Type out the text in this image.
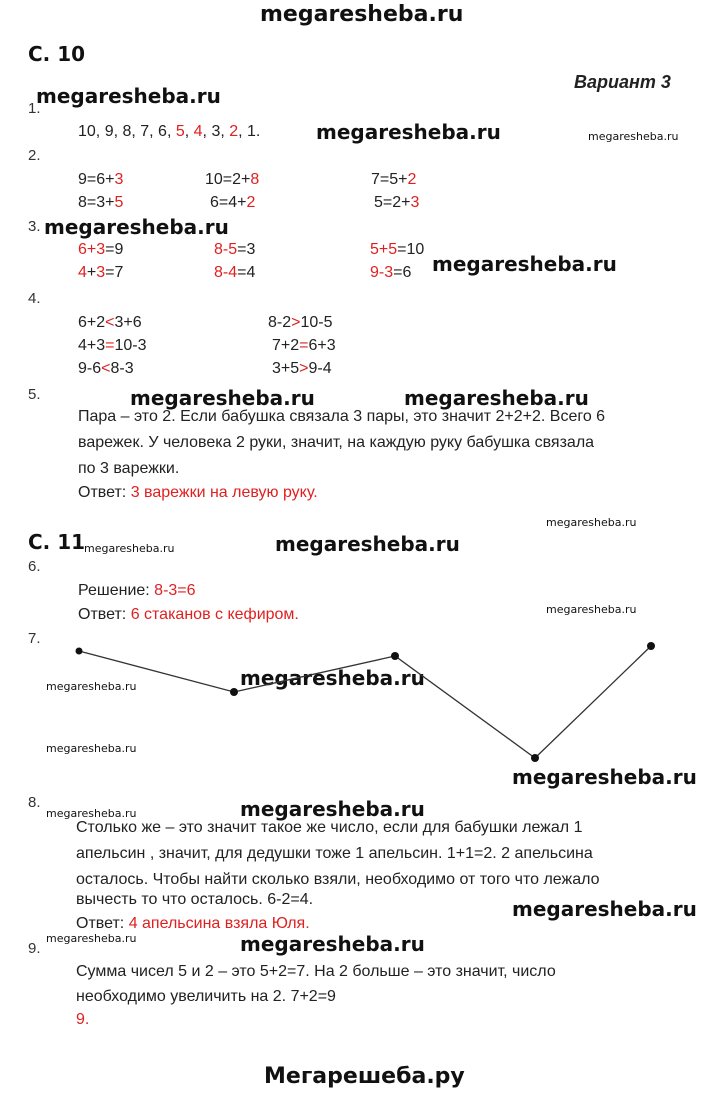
megaresheba.ru
С. 10
Вариант 3
megaresheba.ru
megaresheba.ru	megaresheba.ru
megaresheba.ru
megaresheba.ru
megaresheba.ru	megaresheba.ru
megaresheba.ru
megaresheba.ru	megaresheba.ru
megaresheba.ru
megaresheba.ru
megaresheba.ru
megaresheba.ru
megaresheba.ru
megaresheba.ru
megaresheba.ru
megaresheba.ru
megaresheba.ru	megaresheba.ru
1.
2.
3.
4.
5.
6.
7.
8.
9.
10, 9, 8, 7, 6, 5, 4, 3, 2, 1.
9=6+3	10=2+8	7=5+2
8=3+5	6=4+2	5=2+3
6+3=9	8-5=3	5+5=10
4+3=7	8-4=4	9-3=6
6+2<3+6	8-2>10-5
4+3=10-3	7+2=6+3
9-6<8-3	3+5>9-4
Пара – это 2. Если бабушка связала 3 пары, это значит 2+2+2. Всего 6
варежек. У человека 2 руки, значит, на каждую руку бабушка связала
по 3 варежки.
Ответ: 3 варежки на левую руку.
С. 11
Решение: 8-3=6
Ответ: 6 стаканов с кефиром.
Столько же – это значит такое же число, если для бабушки лежал 1
апельсин , значит, для дедушки тоже 1 апельсин. 1+1=2. 2 апельсина
осталось. Чтобы найти сколько взяли, необходимо от того что лежало
вычесть то что осталось. 6-2=4.
Ответ: 4 апельсина взяла Юля.
Сумма чисел 5 и 2 – это 5+2=7. На 2 больше – это значит, число
необходимо увеличить на 2. 7+2=9
9.
Мегарешеба.ру
